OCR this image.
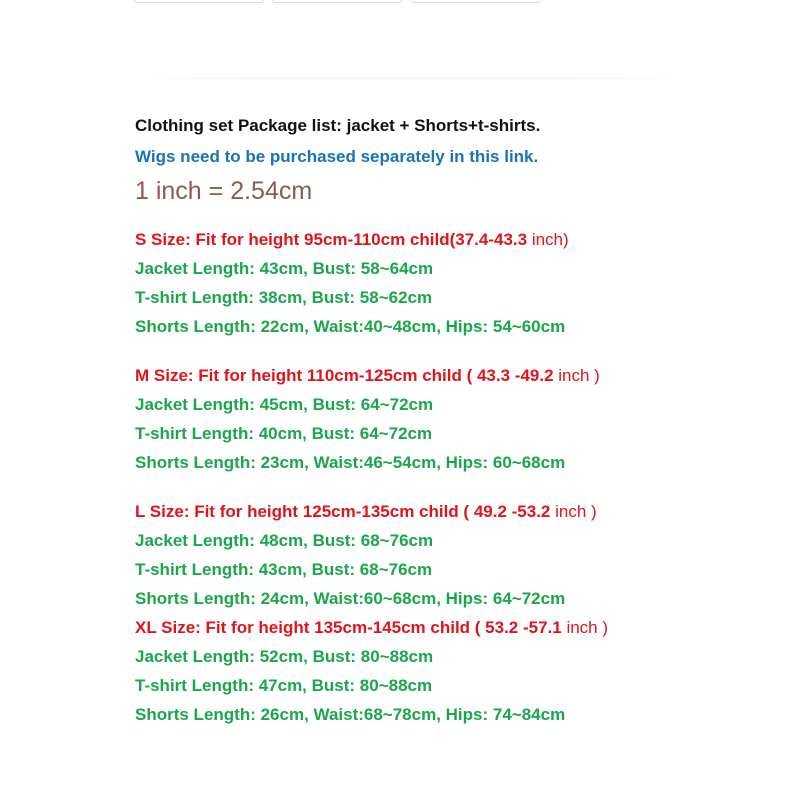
Clothing set Package list: jacket + Shorts+t-shirts.
Wigs need to be purchased separately in this link.
1 inch = 2.54cm
S Size: Fit for height 95cm-110cm child(37.4-43.3 inch)
Jacket Length: 43cm, Bust: 58~64cm
T-shirt Length: 38cm, Bust: 58~62cm
Shorts Length: 22cm, Waist:40~48cm, Hips: 54~60cm
M Size: Fit for height 110cm-125cm child ( 43.3 -49.2 inch )
Jacket Length: 45cm, Bust: 64~72cm
T-shirt Length: 40cm, Bust: 64~72cm
Shorts Length: 23cm, Waist:46~54cm, Hips: 60~68cm
L Size: Fit for height 125cm-135cm child ( 49.2 -53.2 inch )
Jacket Length: 48cm, Bust: 68~76cm
T-shirt Length: 43cm, Bust: 68~76cm
Shorts Length: 24cm, Waist:60~68cm, Hips: 64~72cm
XL Size: Fit for height 135cm-145cm child ( 53.2 -57.1 inch )
Jacket Length: 52cm, Bust: 80~88cm
T-shirt Length: 47cm, Bust: 80~88cm
Shorts Length: 26cm, Waist:68~78cm, Hips: 74~84cm
